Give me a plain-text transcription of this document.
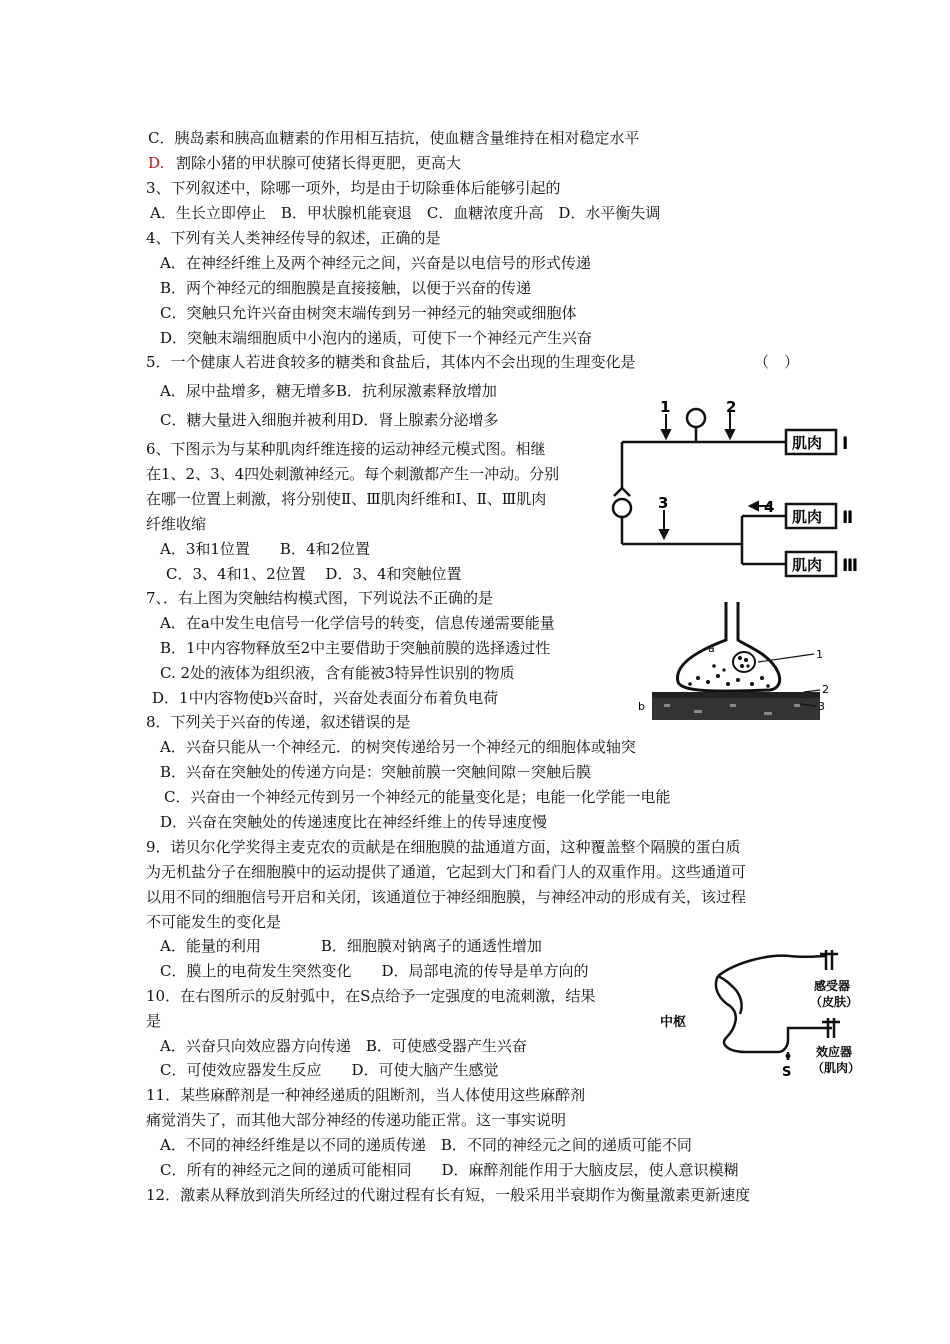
C．胰岛素和胰高血糖素的作用相互拮抗，使血糖含量维持在相对稳定水平
D. 割除小猪的甲状腺可使猪长得更肥，更高大
3、下列叙述中，除哪一项外，均是由于切除垂体后能够引起的
A．生长立即停止　B．甲状腺机能衰退　C．血糖浓度升高　D．水平衡失调
4、下列有关人类神经传导的叙述，正确的是
A．在神经纤维上及两个神经元之间，兴奋是以电信号的形式传递
B．两个神经元的细胞膜是直接接触，以便于兴奋的传递
C．突触只允许兴奋由树突末端传到另一神经元的轴突或细胞体
D．突触末端细胞质中小泡内的递质，可使下一个神经元产生兴奋
5．一个健康人若进食较多的糖类和食盐后，其体内不会出现的生理变化是	（　）
A．尿中盐增多，糖无增多B．抗利尿激素释放增加
C．糖大量进入细胞并被利用D．肾上腺素分泌增多
6、下图示为与某种肌肉纤维连接的运动神经元模式图。相继
在1、2、3、4四处刺激神经元。每个刺激都产生一冲动。分别
在哪一位置上刺激，将分别使Ⅱ、Ⅲ肌肉纤维和Ⅰ、Ⅱ、Ⅲ肌肉
纤维收缩
A．3和1位置　　B．4和2位置
C．3、4和1、2位置　 D．3、4和突触位置
7、．右上图为突触结构模式图，下列说法不正确的是
A．在a中发生电信号一化学信号的转变，信息传递需要能量
B．1中内容物释放至2中主要借助于突触前膜的选择透过性
C. 2处的液体为组织液，含有能被3特异性识别的物质
D．1中内容物使b兴奋时，兴奋处表面分布着负电荷
8．下列关于兴奋的传递，叙述错误的是
A．兴奋只能从一个神经元．的树突传递给另一个神经元的细胞体或轴突
B．兴奋在突触处的传递方向是：突触前膜一突触间隙－突触后膜
C．兴奋由一个神经元传到另一个神经元的能量变化是；电能一化学能一电能
D．兴奋在突触处的传递速度比在神经纤维上的传导速度慢
9．诺贝尔化学奖得主麦克农的贡献是在细胞膜的盐通道方面，这种覆盖整个隔膜的蛋白质
为无机盐分子在细胞膜中的运动提供了通道，它起到大门和看门人的双重作用。这些通道可
以用不同的细胞信号开启和关闭，该通道位于神经细胞膜，与神经冲动的形成有关，该过程
不可能发生的变化是
A．能量的利用　　　　B．细胞膜对钠离子的通透性增加
C．膜上的电荷发生突然变化　　D．局部电流的传导是单方向的
10．在右图所示的反射弧中，在S点给予一定强度的电流刺激，结果
是
A．兴奋只向效应器方向传递　B．可使感受器产生兴奋
C．可使效应器发生反应　　D．可使大脑产生感觉
11．某些麻醉剂是一种神经递质的阻断剂，当人体使用这些麻醉剂
痛觉消失了，而其他大部分神经的传递功能正常。这一事实说明
A．不同的神经纤维是以不同的递质传递　B．不同的神经元之间的递质可能不同
C．所有的神经元之间的递质可能相同　　D．麻醉剂能作用于大脑皮层，使人意识模糊
12．激素从释放到消失所经过的代谢过程有长有短，一般采用半衰期作为衡量激素更新速度
1	2
3	4
肌肉
肌肉
肌肉
Ⅰ
Ⅱ
Ⅲ
a	1
2
3
b
中枢
感受器
（皮肤）
效应器
（肌肉）
S
